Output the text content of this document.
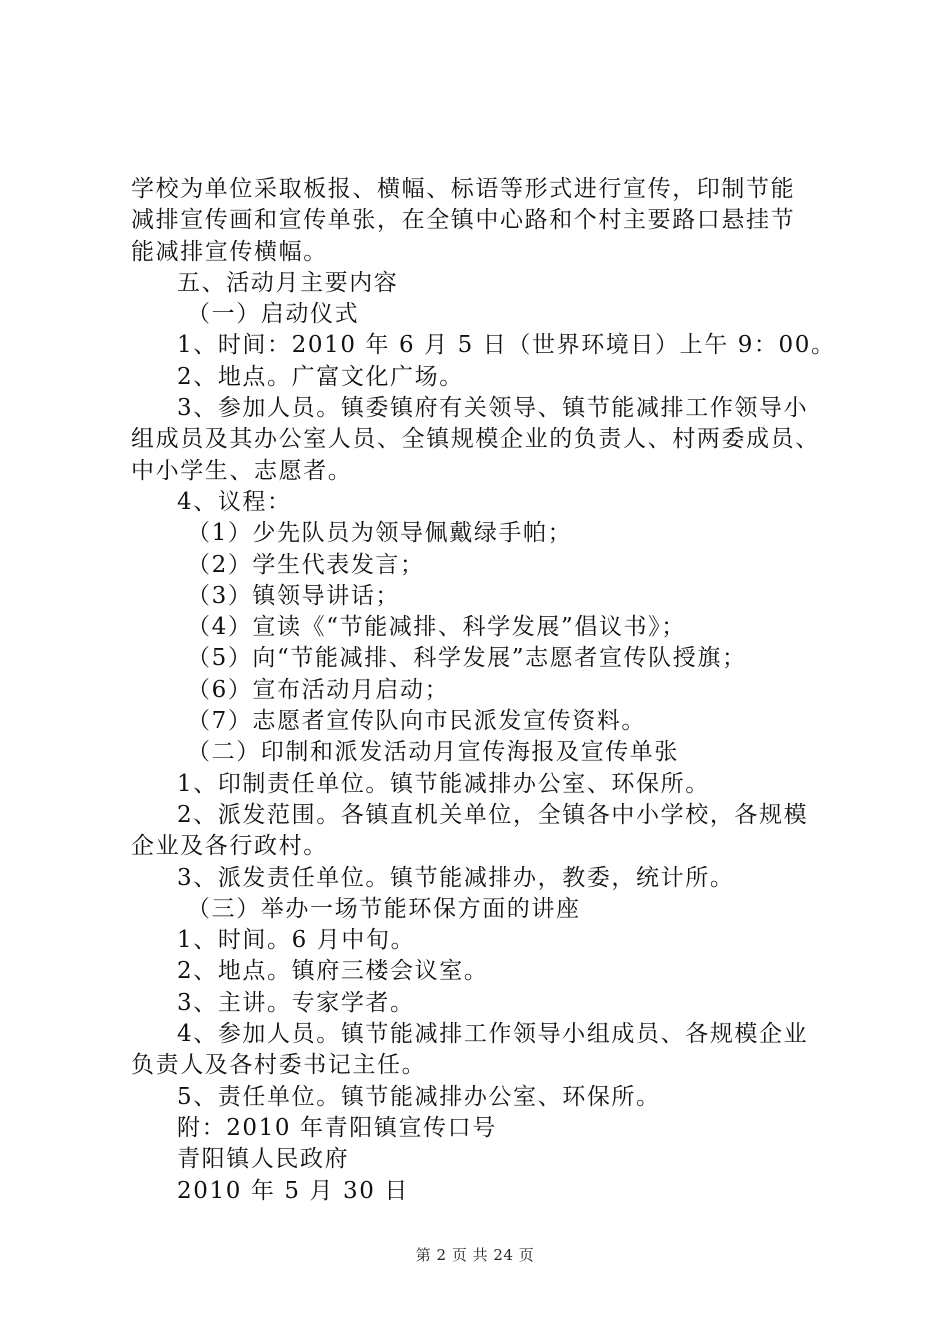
学校为单位采取板报、横幅、标语等形式进行宣传，印制节能
减排宣传画和宣传单张，在全镇中心路和个村主要路口悬挂节
能减排宣传横幅。
五、活动月主要内容
（一）启动仪式
1、时间：2010 年 6 月 5 日（世界环境日）上午 9：00。
2、地点。广富文化广场。
3、参加人员。镇委镇府有关领导、镇节能减排工作领导小
组成员及其办公室人员、全镇规模企业的负责人、村两委成员、
中小学生、志愿者。
4、议程：
（1）少先队员为领导佩戴绿手帕；
（2）学生代表发言；
（3）镇领导讲话；
（4）宣读《“节能减排、科学发展”倡议书》；
（5）向“节能减排、科学发展”志愿者宣传队授旗；
（6）宣布活动月启动；
（7）志愿者宣传队向市民派发宣传资料。
（二）印制和派发活动月宣传海报及宣传单张
1、印制责任单位。镇节能减排办公室、环保所。
2、派发范围。各镇直机关单位，全镇各中小学校，各规模
企业及各行政村。
3、派发责任单位。镇节能减排办，教委，统计所。
（三）举办一场节能环保方面的讲座
1、时间。6 月中旬。
2、地点。镇府三楼会议室。
3、主讲。专家学者。
4、参加人员。镇节能减排工作领导小组成员、各规模企业
负责人及各村委书记主任。
5、责任单位。镇节能减排办公室、环保所。
附：2010 年青阳镇宣传口号
青阳镇人民政府
2010 年 5 月 30 日
第 2 页 共 24 页
